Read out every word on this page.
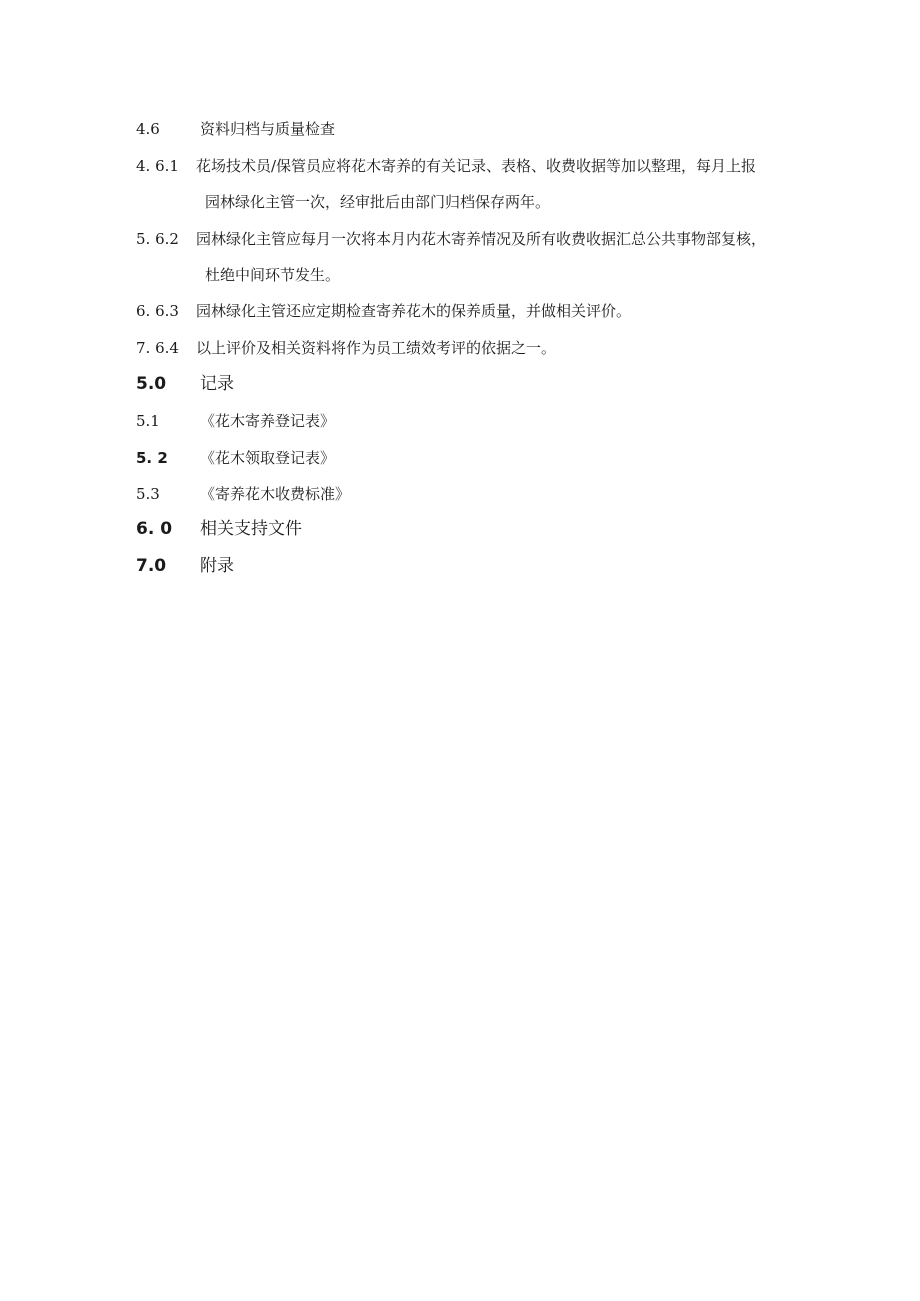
4.6	资料归档与质量检查
4. 6.1 花场技术员/保管员应将花木寄养的有关记录、表格、收费收据等加以整理，每月上报
园林绿化主管一次，经审批后由部门归档保存两年。
5. 6.2 园林绿化主管应每月一次将本月内花木寄养情况及所有收费收据汇总公共事物部复核，
杜绝中间环节发生。
6. 6.3 园林绿化主管还应定期检查寄养花木的保养质量，并做相关评价。
7. 6.4 以上评价及相关资料将作为员工绩效考评的依据之一。
5.0 记录
5.1	《花木寄养登记表》
5. 2 《花木领取登记表》
5.3	《寄养花木收费标准》
6. 0 相关支持文件
7.0 附录
